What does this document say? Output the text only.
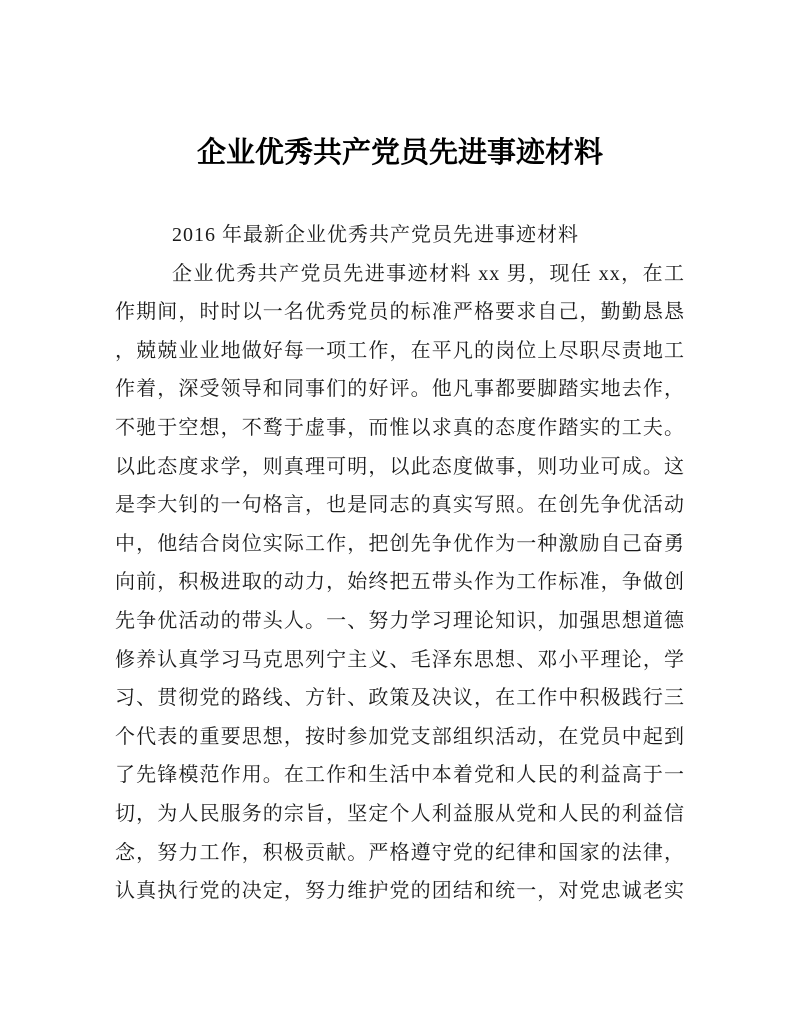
企业优秀共产党员先进事迹材料

2016 年最新企业优秀共产党员先进事迹材料

企业优秀共产党员先进事迹材料 xx 男，现任 xx，在工
作期间，时时以一名优秀党员的标准严格要求自己，勤勤恳恳
，兢兢业业地做好每一项工作，在平凡的岗位上尽职尽责地工
作着，深受领导和同事们的好评。他凡事都要脚踏实地去作，
不驰于空想，不鹜于虚事，而惟以求真的态度作踏实的工夫。
以此态度求学，则真理可明，以此态度做事，则功业可成。这
是李大钊的一句格言，也是同志的真实写照。在创先争优活动
中，他结合岗位实际工作，把创先争优作为一种激励自己奋勇
向前，积极进取的动力，始终把五带头作为工作标准，争做创
先争优活动的带头人。一、努力学习理论知识，加强思想道德
修养认真学习马克思列宁主义、毛泽东思想、邓小平理论，学
习、贯彻党的路线、方针、政策及决议，在工作中积极践行三
个代表的重要思想，按时参加党支部组织活动，在党员中起到
了先锋模范作用。在工作和生活中本着党和人民的利益高于一
切，为人民服务的宗旨，坚定个人利益服从党和人民的利益信
念，努力工作，积极贡献。严格遵守党的纪律和国家的法律，
认真执行党的决定，努力维护党的团结和统一，对党忠诚老实
